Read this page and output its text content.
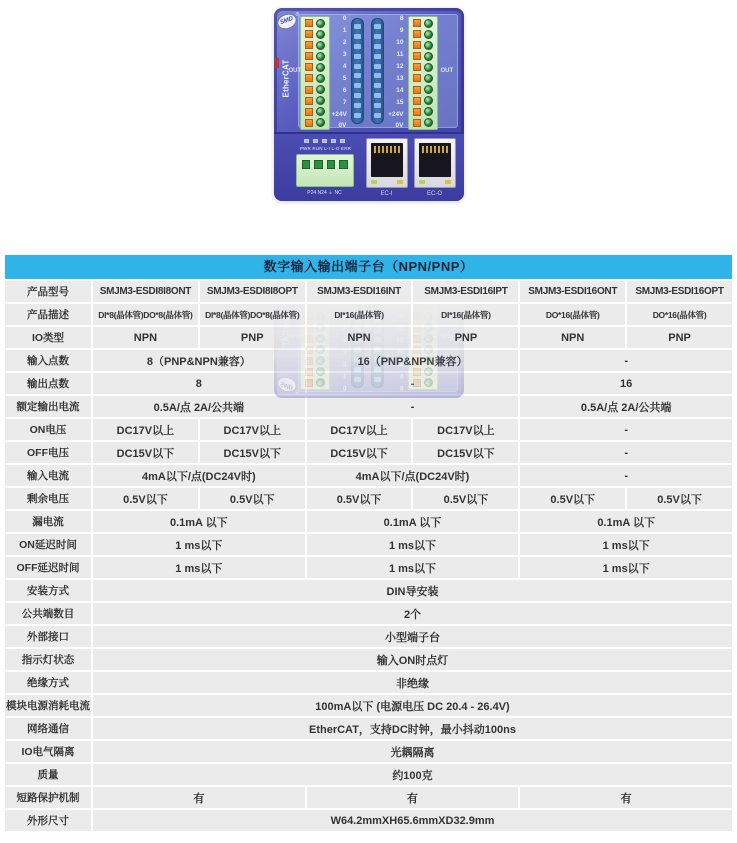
SMD
®
EtherCAT
0
1
2
3
4
5
6
7
+24V
0V
8
9
10
11
12
13
14
15
+24V
0V
OUT	OUT
PWR RUN L-I L-O ERR
P24 N24 ⏚ NC	EC-I	EC-O
数字输入输出端子台（NPN/PNP）
产品型号	SMJM3-ESDI8I8ONT	SMJM3-ESDI8I8OPT	SMJM3-ESDI16INT	SMJM3-ESDI16IPT	SMJM3-ESDI16ONT	SMJM3-ESDI16OPT
产品描述	DI*8(晶体管)DO*8(晶体管)	DI*8(晶体管)DO*8(晶体管)	DI*16(晶体管)	DI*16(晶体管)	DO*16(晶体管)	DO*16(晶体管)
IO类型	NPN	PNP	NPN	PNP	NPN	PNP
输入点数	8（PNP&NPN兼容）		16（PNP&NPN兼容）		-	
输出点数	8		-		16	
额定输出电流	0.5A/点 2A/公共端		-		0.5A/点 2A/公共端	
ON电压	DC17V以上	DC17V以上	DC17V以上	DC17V以上	-	
OFF电压	DC15V以下	DC15V以下	DC15V以下	DC15V以下	-	
输入电流	4mA以下/点(DC24V时)		4mA以下/点(DC24V时)		-	
剩余电压	0.5V以下	0.5V以下	0.5V以下	0.5V以下	0.5V以下	0.5V以下
漏电流	0.1mA 以下		0.1mA 以下		0.1mA 以下	
ON延迟时间	1 ms以下		1 ms以下		1 ms以下	
OFF延迟时间	1 ms以下		1 ms以下		1 ms以下	
安装方式	DIN导安装					
公共端数目	2个					
外部接口	小型端子台					
指示灯状态	输入ON时点灯					
绝缘方式	非绝缘					
模块电源消耗电流	100mA以下 (电源电压 DC 20.4 - 26.4V)					
网络通信	EtherCAT，支持DC时钟，最小抖动100ns					
IO电气隔离	光耦隔离					
质量	约100克					
短路保护机制	有		有		有	
外形尺寸	W64.2mmXH65.6mmXD32.9mm					
